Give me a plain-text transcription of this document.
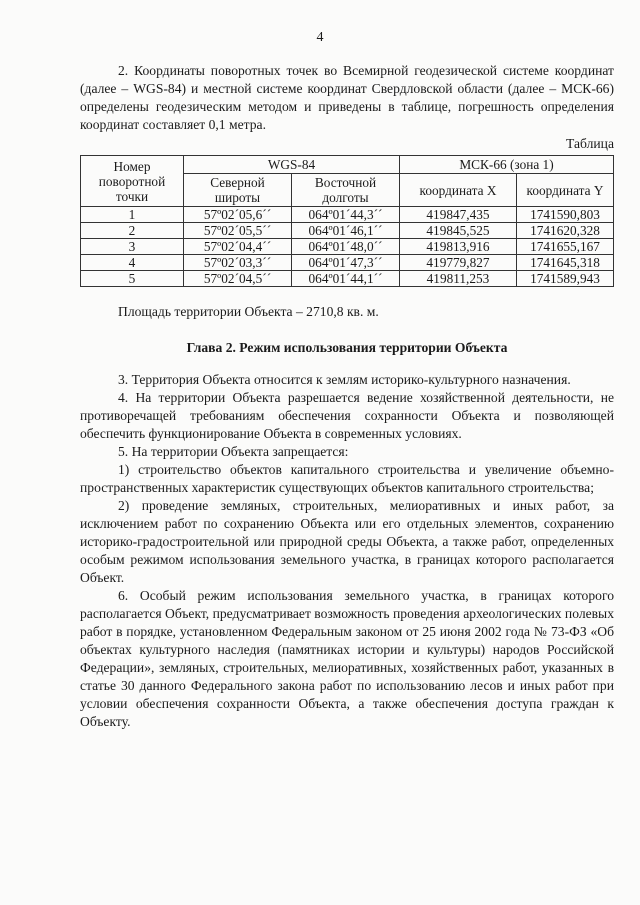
4

2. Координаты поворотных точек во Всемирной геодезической системе координат (далее – WGS-84) и местной системе координат Свердловской области (далее – МСК-66) определены геодезическим методом и приведены в таблице, погрешность определения координат составляет 0,1 метра.

Таблица
Номер поворотной точки	WGS-84		МСК-66 (зона 1)	
	Северной широты	Восточной долготы	координата X	координата Y
1	57º02´05,6´´	064º01´44,3´´	419847,435	1741590,803
2	57º02´05,5´´	064º01´46,1´´	419845,525	1741620,328
3	57º02´04,4´´	064º01´48,0´´	419813,916	1741655,167
4	57º02´03,3´´	064º01´47,3´´	419779,827	1741645,318
5	57º02´04,5´´	064º01´44,1´´	419811,253	1741589,943

Площадь территории Объекта – 2710,8 кв. м.

Глава 2. Режим использования территории Объекта

3. Территория Объекта относится к землям историко-культурного назначения.

4. На территории Объекта разрешается ведение хозяйственной деятельности, не противоречащей требованиям обеспечения сохранности Объекта и позволяющей обеспечить функционирование Объекта в современных условиях.

5. На территории Объекта запрещается:

1) строительство объектов капитального строительства и увеличение объемно-пространственных характеристик существующих объектов капитального строительства;

2) проведение земляных, строительных, мелиоративных и иных работ, за исключением работ по сохранению Объекта или его отдельных элементов, сохранению историко-градостроительной или природной среды Объекта, а также работ, определенных особым режимом использования земельного участка, в границах которого располагается Объект.

6. Особый режим использования земельного участка, в границах которого располагается Объект, предусматривает возможность проведения археологических полевых работ в порядке, установленном Федеральным законом от 25 июня 2002 года № 73-ФЗ «Об объектах культурного наследия (памятниках истории и культуры) народов Российской Федерации», земляных, строительных, мелиоративных, хозяйственных работ, указанных в статье 30 данного Федерального закона работ по использованию лесов и иных работ при условии обеспечения сохранности Объекта, а также обеспечения доступа граждан к Объекту.
